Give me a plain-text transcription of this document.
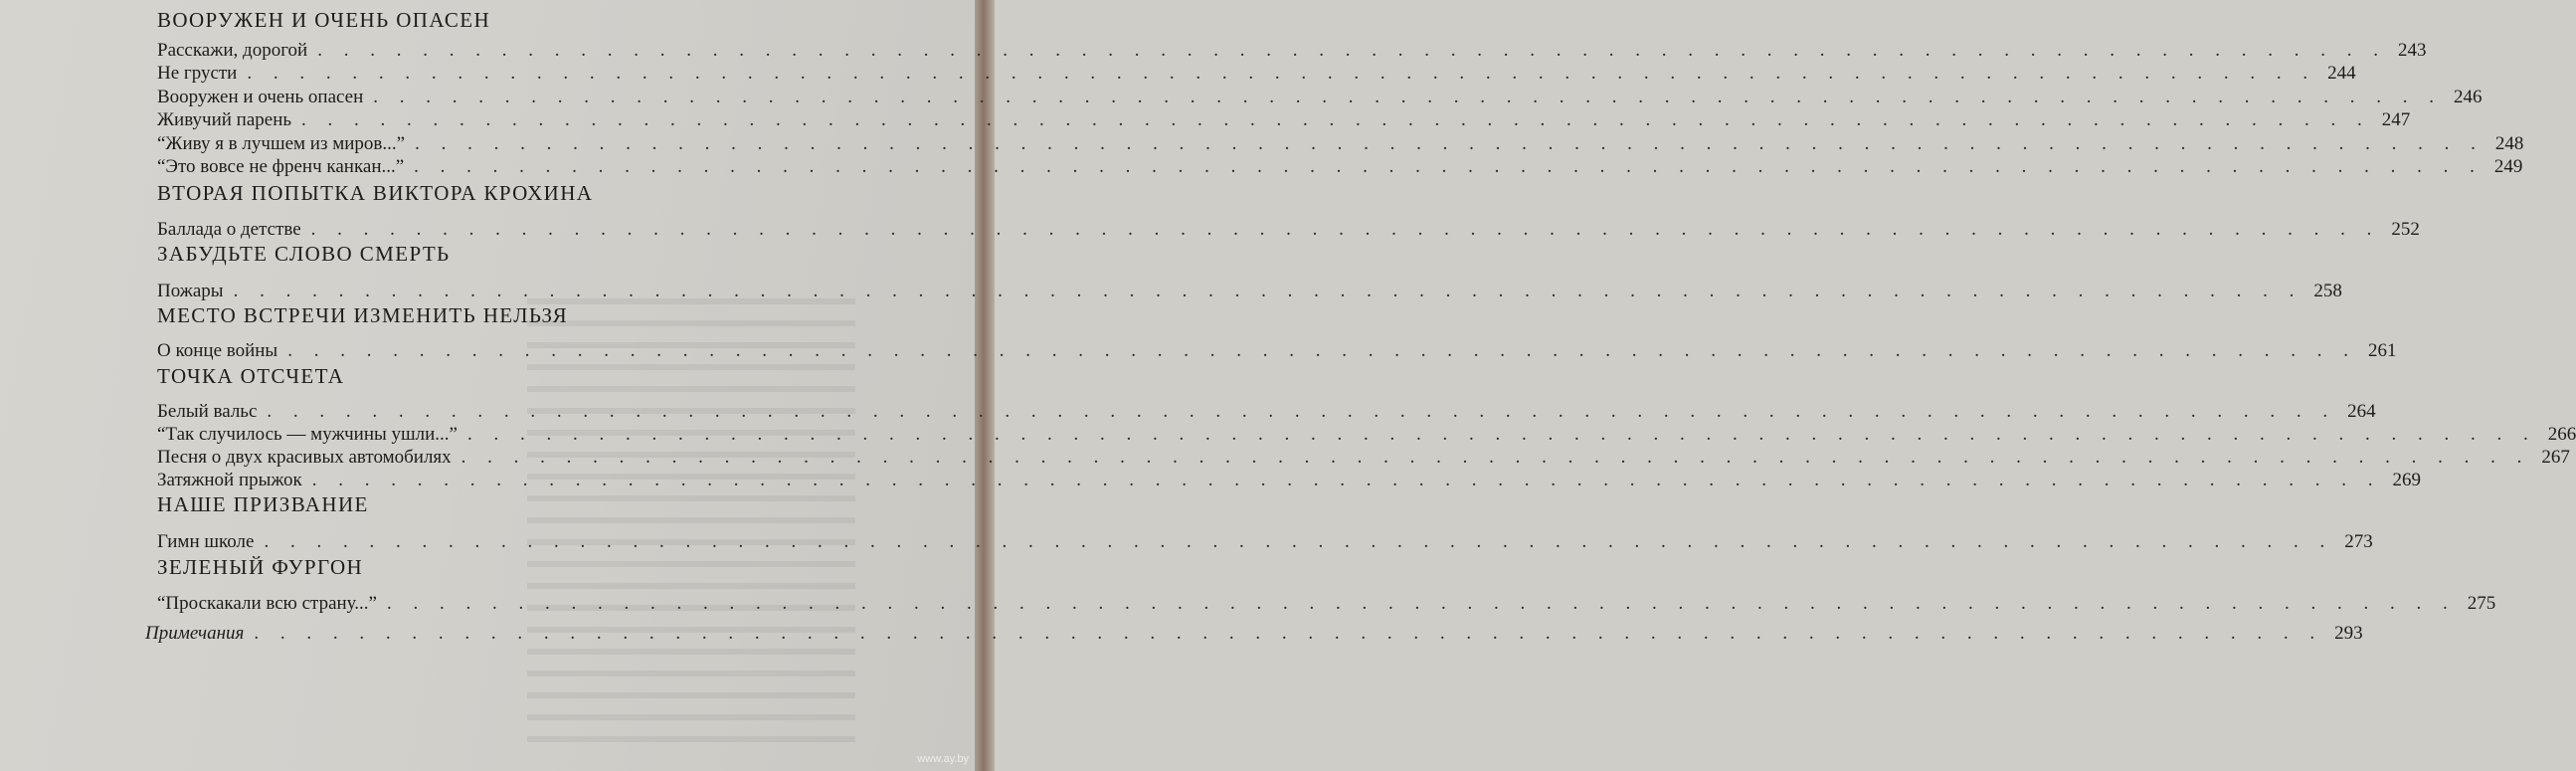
ВООРУЖЕН И ОЧЕНЬ ОПАСЕН
Расскажи, дорогой . . . . . . . . . . . . . . . . . . . . . . . . . . . . . . . . . . . . . . . . . . . . . . . . . . . . . . . . . . . . . . . . . . . . . . . . . . . . . . . 243
Не грусти . . . . . . . . . . . . . . . . . . . . . . . . . . . . . . . . . . . . . . . . . . . . . . . . . . . . . . . . . . . . . . . . . . . . . . . . . . . . . . . 244
Вооружен и очень опасен . . . . . . . . . . . . . . . . . . . . . . . . . . . . . . . . . . . . . . . . . . . . . . . . . . . . . . . . . . . . . . . . . . . . . . . . . . . . . . . 246
Живучий парень . . . . . . . . . . . . . . . . . . . . . . . . . . . . . . . . . . . . . . . . . . . . . . . . . . . . . . . . . . . . . . . . . . . . . . . . . . . . . . . 247
“Живу я в лучшем из миров...” . . . . . . . . . . . . . . . . . . . . . . . . . . . . . . . . . . . . . . . . . . . . . . . . . . . . . . . . . . . . . . . . . . . . . . . . . . . . . . . 248
“Это вовсе не френч канкан...” . . . . . . . . . . . . . . . . . . . . . . . . . . . . . . . . . . . . . . . . . . . . . . . . . . . . . . . . . . . . . . . . . . . . . . . . . . . . . . . 249
ВТОРАЯ ПОПЫТКА ВИКТОРА КРОХИНА
Баллада о детстве . . . . . . . . . . . . . . . . . . . . . . . . . . . . . . . . . . . . . . . . . . . . . . . . . . . . . . . . . . . . . . . . . . . . . . . . . . . . . . . 252
ЗАБУДЬТЕ СЛОВО СМЕРТЬ
Пожары . . . . . . . . . . . . . . . . . . . . . . . . . . . . . . . . . . . . . . . . . . . . . . . . . . . . . . . . . . . . . . . . . . . . . . . . . . . . . . . 258
МЕСТО ВСТРЕЧИ ИЗМЕНИТЬ НЕЛЬЗЯ
О конце войны . . . . . . . . . . . . . . . . . . . . . . . . . . . . . . . . . . . . . . . . . . . . . . . . . . . . . . . . . . . . . . . . . . . . . . . . . . . . . . . 261
ТОЧКА ОТСЧЕТА
Белый вальс . . . . . . . . . . . . . . . . . . . . . . . . . . . . . . . . . . . . . . . . . . . . . . . . . . . . . . . . . . . . . . . . . . . . . . . . . . . . . . . 264
“Так случилось — мужчины ушли...” . . . . . . . . . . . . . . . . . . . . . . . . . . . . . . . . . . . . . . . . . . . . . . . . . . . . . . . . . . . . . . . . . . . . . . . . . . . . . . . 266
Песня о двух красивых автомобилях . . . . . . . . . . . . . . . . . . . . . . . . . . . . . . . . . . . . . . . . . . . . . . . . . . . . . . . . . . . . . . . . . . . . . . . . . . . . . . . 267
Затяжной прыжок . . . . . . . . . . . . . . . . . . . . . . . . . . . . . . . . . . . . . . . . . . . . . . . . . . . . . . . . . . . . . . . . . . . . . . . . . . . . . . . 269
НАШЕ ПРИЗВАНИЕ
Гимн школе . . . . . . . . . . . . . . . . . . . . . . . . . . . . . . . . . . . . . . . . . . . . . . . . . . . . . . . . . . . . . . . . . . . . . . . . . . . . . . . 273
ЗЕЛЕНЫЙ ФУРГОН
“Проскакали всю страну...” . . . . . . . . . . . . . . . . . . . . . . . . . . . . . . . . . . . . . . . . . . . . . . . . . . . . . . . . . . . . . . . . . . . . . . . . . . . . . . . 275
Примечания . . . . . . . . . . . . . . . . . . . . . . . . . . . . . . . . . . . . . . . . . . . . . . . . . . . . . . . . . . . . . . . . . . . . . . . . . . . . . . . 293
www.ay.by
